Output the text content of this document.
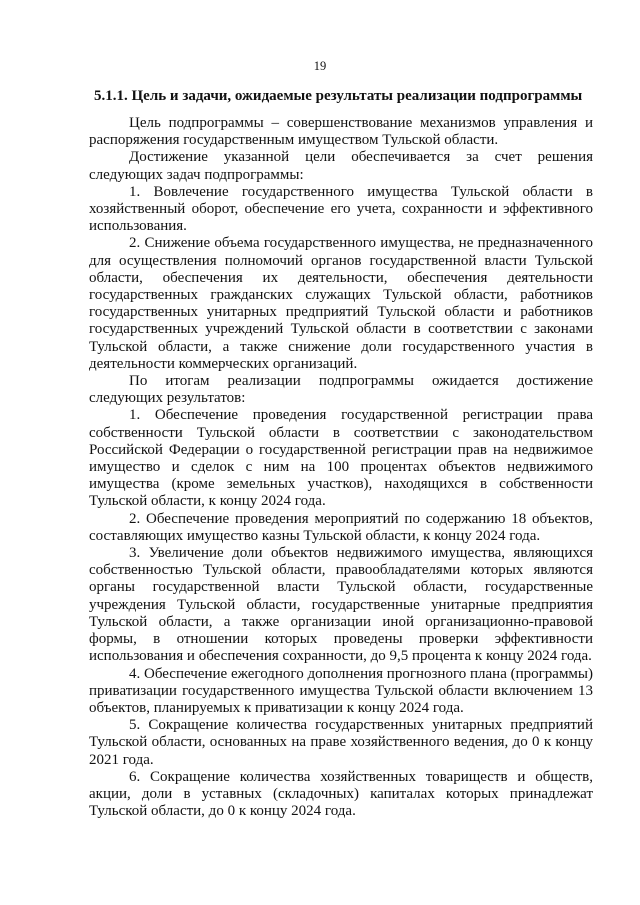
19
5.1.1. Цель и задачи, ожидаемые результаты реализации подпрограммы

Цель подпрограммы – совершенствование механизмов управления и распоряжения государственным имуществом Тульской области.

Достижение указанной цели обеспечивается за счет решения следующих задач подпрограммы:

1. Вовлечение государственного имущества Тульской области в хозяйственный оборот, обеспечение его учета, сохранности и эффективного использования.

2. Снижение объема государственного имущества, не предназначенного для осуществления полномочий органов государственной власти Тульской области, обеспечения их деятельности, обеспечения деятельности государственных гражданских служащих Тульской области, работников государственных унитарных предприятий Тульской области и работников государственных учреждений Тульской области в соответствии с законами Тульской области, а также снижение доли государственного участия в деятельности коммерческих организаций.

По итогам реализации подпрограммы ожидается достижение следующих результатов:

1. Обеспечение проведения государственной регистрации права собственности Тульской области в соответствии с законодательством Российской Федерации о государственной регистрации прав на недвижимое имущество и сделок с ним на 100 процентах объектов недвижимого имущества (кроме земельных участков), находящихся в собственности Тульской области, к концу 2024 года.

2. Обеспечение проведения мероприятий по содержанию 18 объектов, составляющих имущество казны Тульской области, к концу 2024 года.

3. Увеличение доли объектов недвижимого имущества, являющихся собственностью Тульской области, правообладателями которых являются органы государственной власти Тульской области, государственные учреждения Тульской области, государственные унитарные предприятия Тульской области, а также организации иной организационно-правовой формы, в отношении которых проведены проверки эффективности использования и обеспечения сохранности, до 9,5 процента к концу 2024 года.

4. Обеспечение ежегодного дополнения прогнозного плана (программы) приватизации государственного имущества Тульской области включением 13 объектов, планируемых к приватизации к концу 2024 года.

5. Сокращение количества государственных унитарных предприятий Тульской области, основанных на праве хозяйственного ведения, до 0 к концу 2021 года.

6. Сокращение количества хозяйственных товариществ и обществ, акции, доли в уставных (складочных) капиталах которых принадлежат Тульской области, до 0 к концу 2024 года.
